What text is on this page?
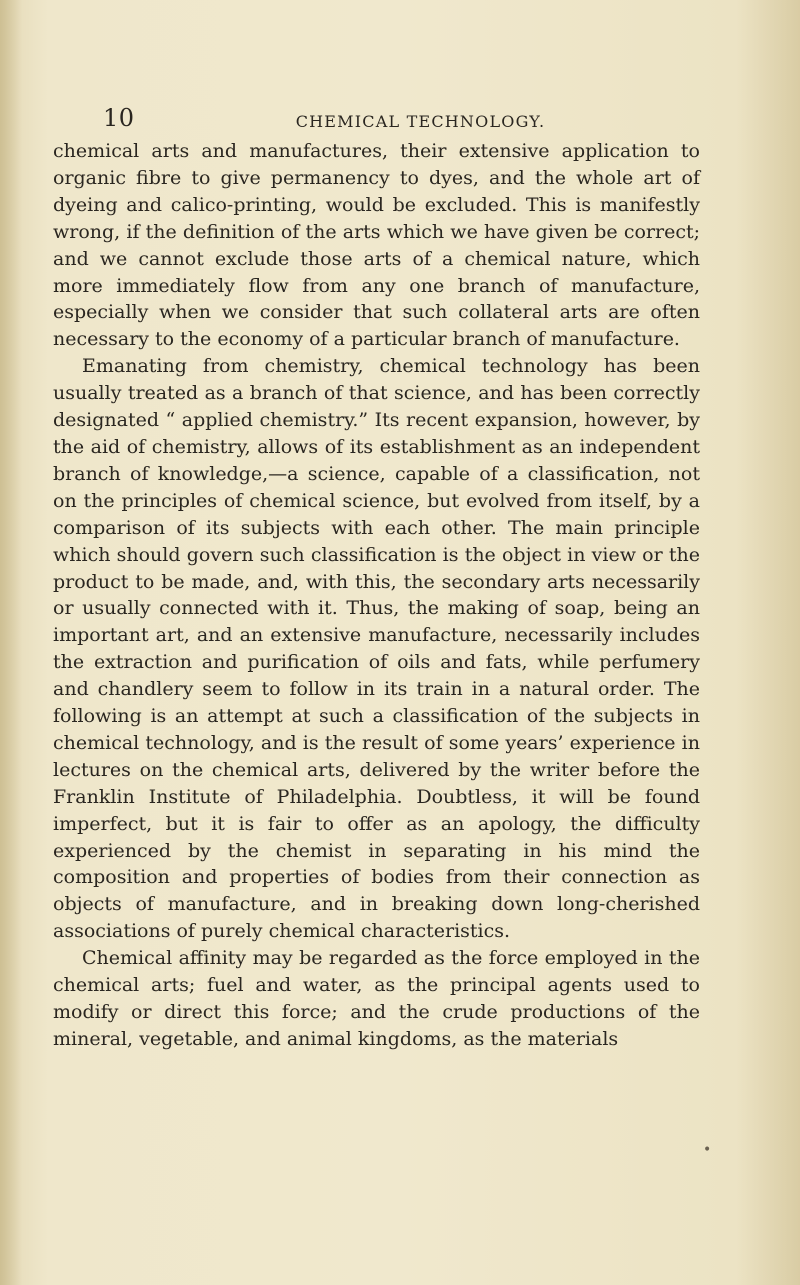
10	CHEMICAL TECHNOLOGY.

chemical arts and manufactures, their extensive application to organic fibre to give permanency to dyes, and the whole art of dyeing and calico-printing, would be excluded. This is manifestly wrong, if the definition of the arts which we have given be correct; and we cannot exclude those arts of a chemical nature, which more immediately flow from any one branch of manufacture, especially when we consider that such collateral arts are often necessary to the economy of a particular branch of manufacture.

Emanating from chemistry, chemical technology has been usually treated as a branch of that science, and has been correctly designated “ applied chemistry.” Its recent expansion, however, by the aid of chemistry, allows of its establishment as an independent branch of knowledge,—a science, capable of a classification, not on the principles of chemical science, but evolved from itself, by a comparison of its subjects with each other. The main principle which should govern such classification is the object in view or the product to be made, and, with this, the secondary arts necessarily or usually connected with it. Thus, the making of soap, being an important art, and an extensive manufacture, necessarily includes the extraction and purification of oils and fats, while perfumery and chandlery seem to follow in its train in a natural order. The following is an attempt at such a classification of the subjects in chemical technology, and is the result of some years’ experience in lectures on the chemical arts, delivered by the writer before the Franklin Institute of Philadelphia. Doubtless, it will be found imperfect, but it is fair to offer as an apology, the difficulty experienced by the chemist in separating in his mind the composition and properties of bodies from their connection as objects of manufacture, and in breaking down long-cherished associations of purely chemical characteristics.

Chemical affinity may be regarded as the force employed in the chemical arts; fuel and water, as the principal agents used to modify or direct this force; and the crude productions of the mineral, vegetable, and animal kingdoms, as the materials

•
